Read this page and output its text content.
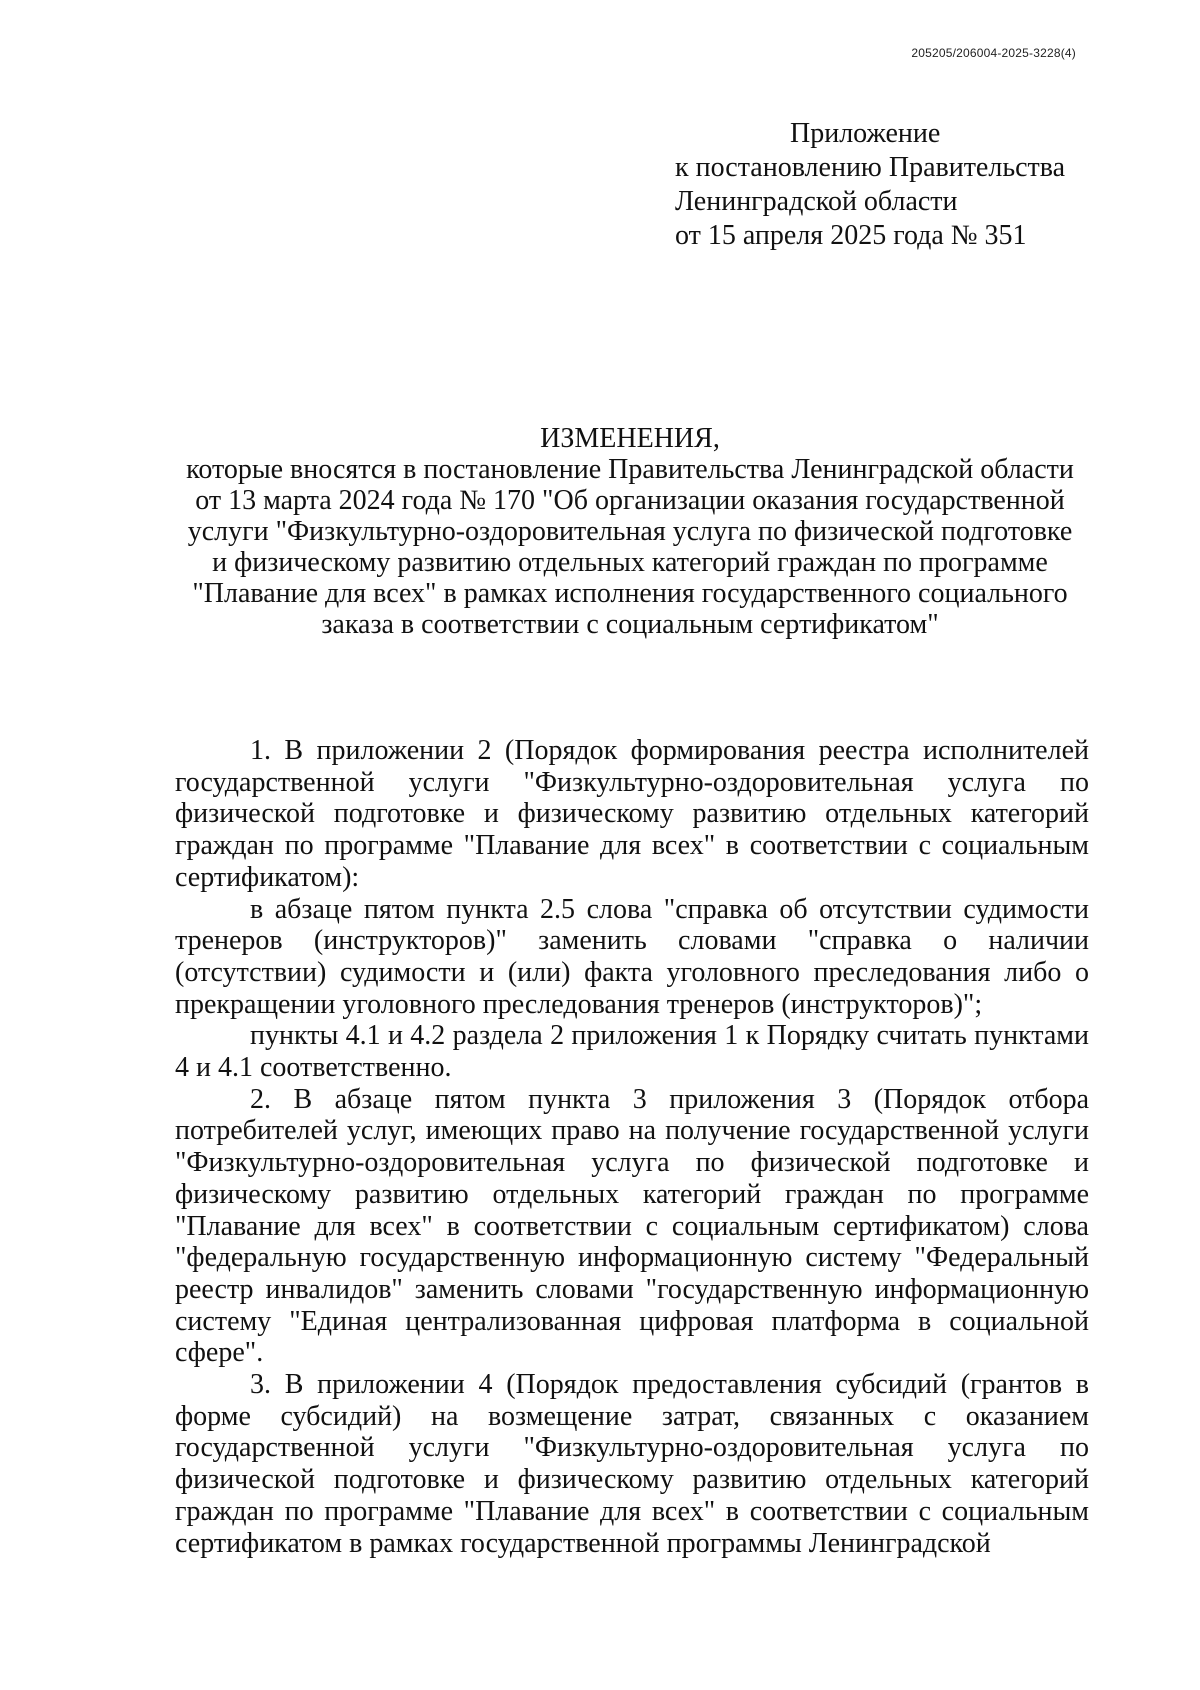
205205/206004-2025-3228(4)
Приложение
к постановлению Правительства
Ленинградской области
от 15 апреля 2025 года № 351
ИЗМЕНЕНИЯ,
которые вносятся в постановление Правительства Ленинградской области
от 13 марта 2024 года № 170 "Об организации оказания государственной
услуги "Физкультурно-оздоровительная услуга по физической подготовке
и физическому развитию отдельных категорий граждан по программе
"Плавание для всех" в рамках исполнения государственного социального
заказа в соответствии с социальным сертификатом"

1. В приложении 2 (Порядок формирования реестра исполнителей государственной услуги "Физкультурно-оздоровительная услуга по физической подготовке и физическому развитию отдельных категорий граждан по программе "Плавание для всех" в соответствии с социальным сертификатом):

в абзаце пятом пункта 2.5 слова "справка об отсутствии судимости тренеров (инструкторов)" заменить словами "справка о наличии (отсутствии) судимости и (или) факта уголовного преследования либо о прекращении уголовного преследования тренеров (инструкторов)";

пункты 4.1 и 4.2 раздела 2 приложения 1 к Порядку считать пунктами 4 и 4.1 соответственно.

2. В абзаце пятом пункта 3 приложения 3 (Порядок отбора потребителей услуг, имеющих право на получение государственной услуги "Физкультурно-оздоровительная услуга по физической подготовке и физическому развитию отдельных категорий граждан по программе "Плавание для всех" в соответствии с социальным сертификатом) слова "федеральную государственную информационную систему "Федеральный реестр инвалидов" заменить словами "государственную информационную систему "Единая централизованная цифровая платформа в социальной сфере".

3. В приложении 4 (Порядок предоставления субсидий (грантов в форме субсидий) на возмещение затрат, связанных с оказанием государственной услуги "Физкультурно-оздоровительная услуга по физической подготовке и физическому развитию отдельных категорий граждан по программе "Плавание для всех" в соответствии с социальным сертификатом в рамках государственной программы Ленинградской
